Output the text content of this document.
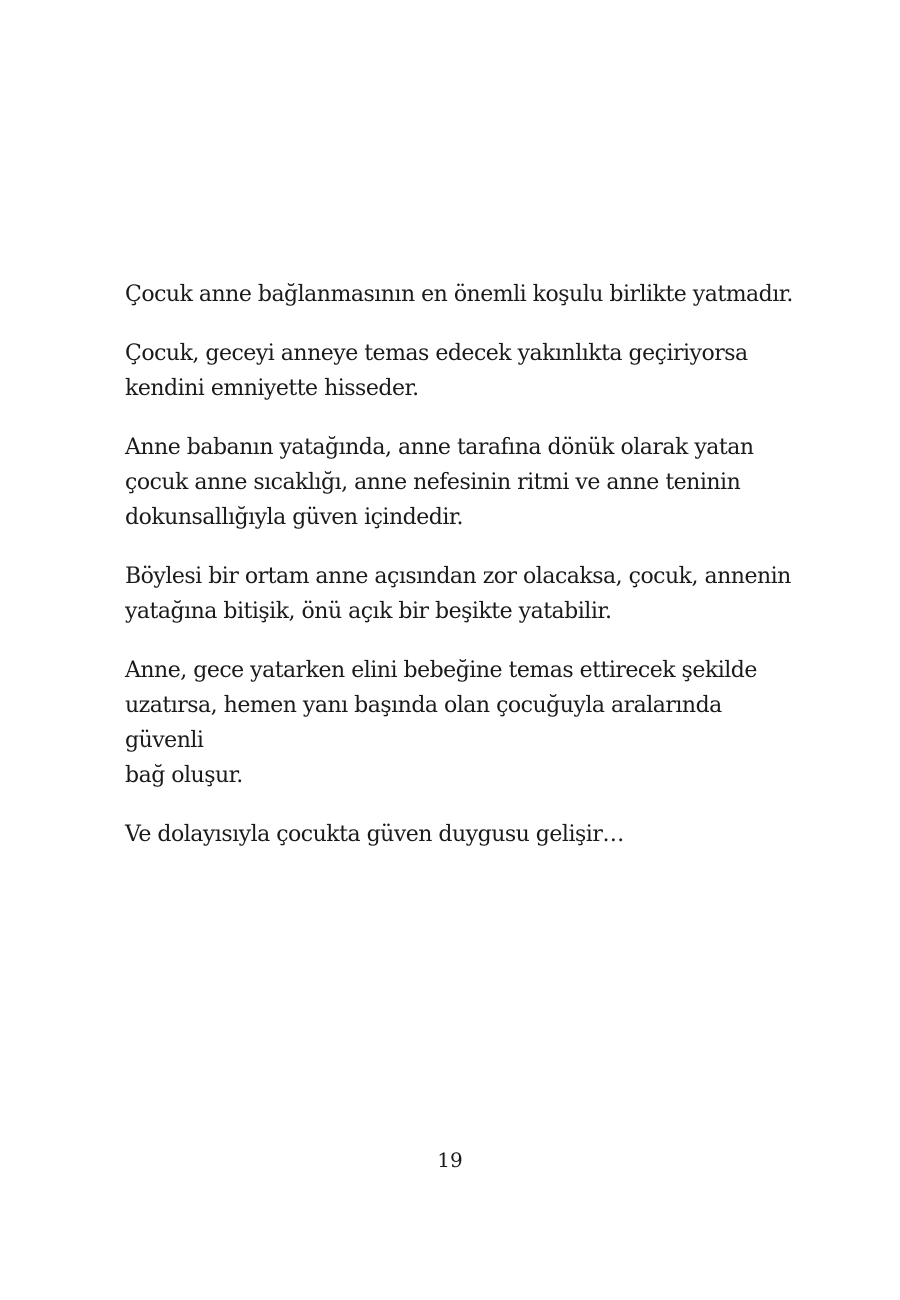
Çocuk anne bağlanmasının en önemli koşulu birlikte yatmadır.

Çocuk, geceyi anneye temas edecek yakınlıkta geçiriyorsa
kendini emniyette hisseder.

Anne babanın yatağında, anne tarafına dönük olarak yatan
çocuk anne sıcaklığı, anne nefesinin ritmi ve anne teninin
dokunsallığıyla güven içindedir.

Böylesi bir ortam anne açısından zor olacaksa, çocuk, annenin
yatağına bitişik, önü açık bir beşikte yatabilir.

Anne, gece yatarken elini bebeğine temas ettirecek şekilde
uzatırsa, hemen yanı başında olan çocuğuyla aralarında güvenli
bağ oluşur.

Ve dolayısıyla çocukta güven duygusu gelişir…

19
